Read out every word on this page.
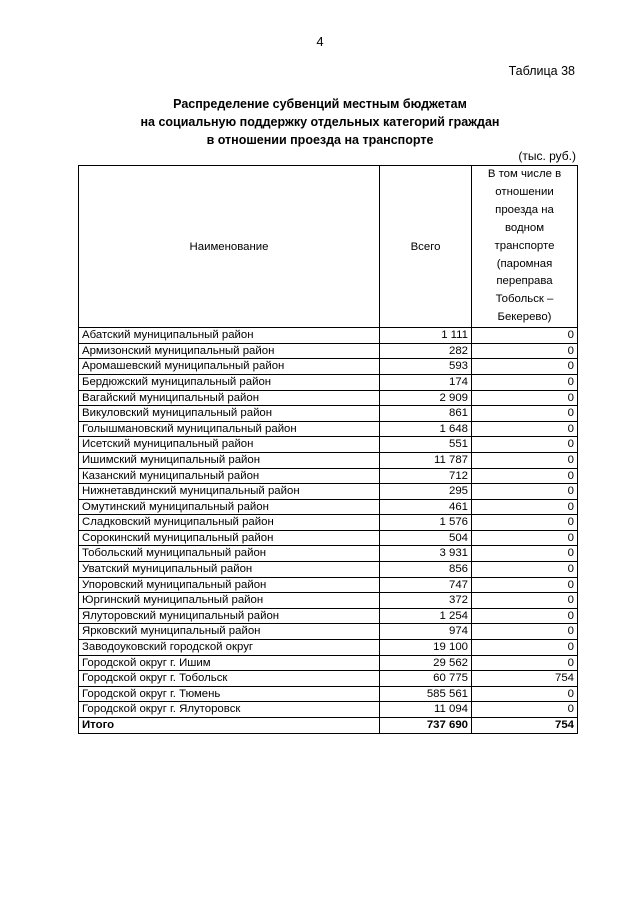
4
Таблица 38
Распределение субвенций местным бюджетам
на социальную поддержку отдельных категорий граждан
в отношении проезда на транспорте
(тыс. руб.)
Наименование	Всего	В том числе в отношении проезда на водном транспорте (паромная переправа Тобольск – Бекерево)
Абатский муниципальный район	1 111	0
Армизонский муниципальный район	282	0
Аромашевский муниципальный район	593	0
Бердюжский муниципальный район	174	0
Вагайский муниципальный район	2 909	0
Викуловский муниципальный район	861	0
Голышмановский муниципальный район	1 648	0
Исетский муниципальный район	551	0
Ишимский муниципальный район	11 787	0
Казанский муниципальный район	712	0
Нижнетавдинский муниципальный район	295	0
Омутинский муниципальный район	461	0
Сладковский муниципальный район	1 576	0
Сорокинский муниципальный район	504	0
Тобольский муниципальный район	3 931	0
Уватский муниципальный район	856	0
Упоровский муниципальный район	747	0
Юргинский муниципальный район	372	0
Ялуторовский муниципальный район	1 254	0
Ярковский муниципальный район	974	0
Заводоуковский городской округ	19 100	0
Городской округ г. Ишим	29 562	0
Городской округ г. Тобольск	60 775	754
Городской округ г. Тюмень	585 561	0
Городской округ г. Ялуторовск	11 094	0
Итого	737 690	754
